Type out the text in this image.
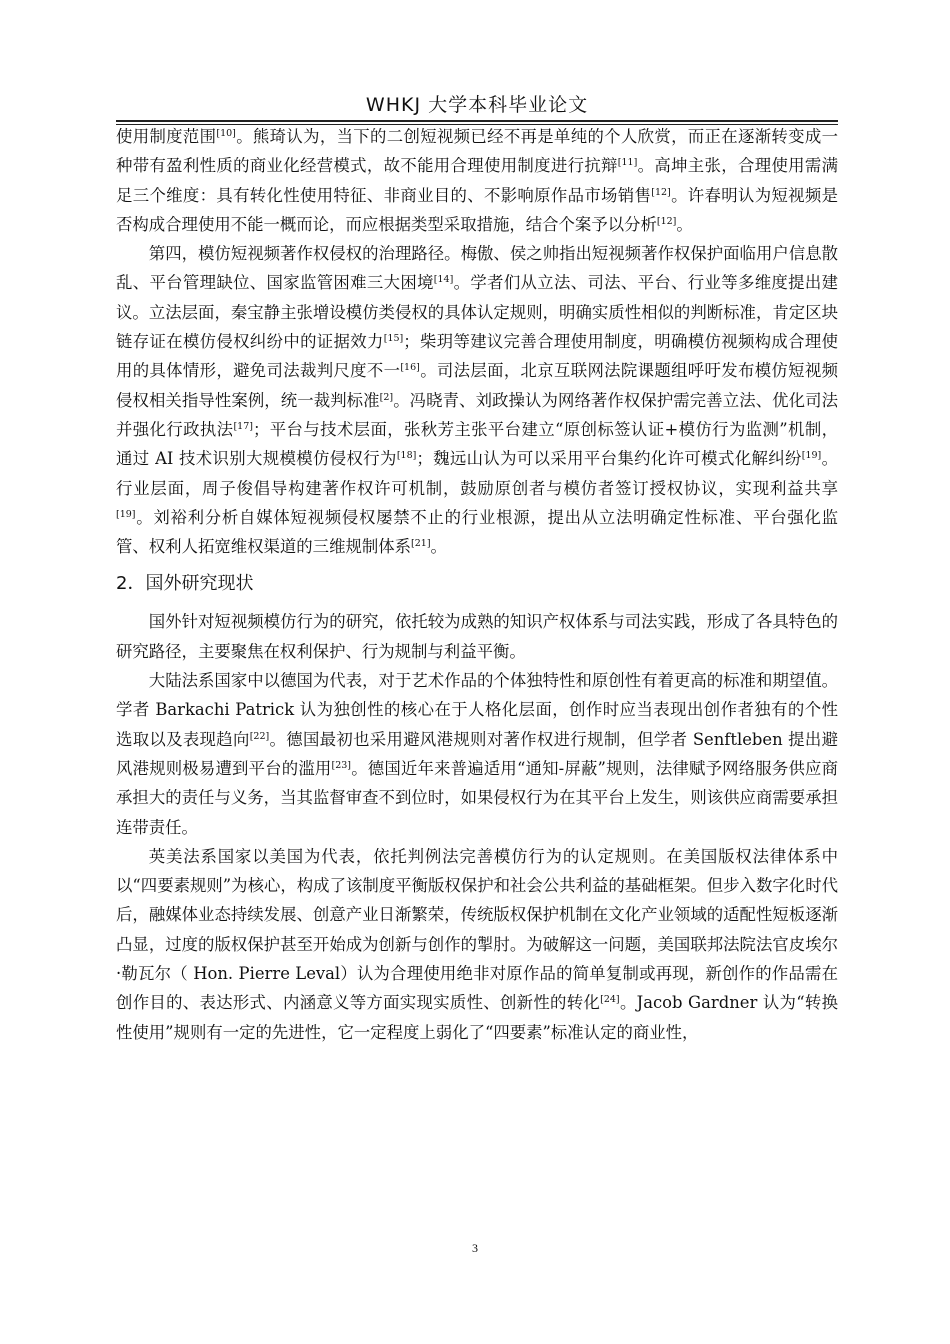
WHKJ 大学本科毕业论文

使用制度范围[10]。熊琦认为，当下的二创短视频已经不再是单纯的个人欣赏，而正在逐渐转变成一种带有盈利性质的商业化经营模式，故不能用合理使用制度进行抗辩[11]。高坤主张，合理使用需满足三个维度：具有转化性使用特征、非商业目的、不影响原作品市场销售[12]。许春明认为短视频是否构成合理使用不能一概而论，而应根据类型采取措施，结合个案予以分析[12]。

第四，模仿短视频著作权侵权的治理路径。梅傲、侯之帅指出短视频著作权保护面临用户信息散乱、平台管理缺位、国家监管困难三大困境[14]。学者们从立法、司法、平台、行业等多维度提出建议。立法层面，秦宝静主张增设模仿类侵权的具体认定规则，明确实质性相似的判断标准，肯定区块链存证在模仿侵权纠纷中的证据效力[15]；柴玥等建议完善合理使用制度，明确模仿视频构成合理使用的具体情形，避免司法裁判尺度不一[16]。司法层面，北京互联网法院课题组呼吁发布模仿短视频侵权相关指导性案例，统一裁判标准[2]。冯晓青、刘政操认为网络著作权保护需完善立法、优化司法并强化行政执法[17]；平台与技术层面，张秋芳主张平台建立“原创标签认证+模仿行为监测”机制，通过 AI 技术识别大规模模仿侵权行为[18]；魏远山认为可以采用平台集约化许可模式化解纠纷[19]。行业层面，周子俊倡导构建著作权许可机制，鼓励原创者与模仿者签订授权协议，实现利益共享[19]。刘裕利分析自媒体短视频侵权屡禁不止的行业根源，提出从立法明确定性标准、平台强化监管、权利人拓宽维权渠道的三维规制体系[21]。

2．国外研究现状

国外针对短视频模仿行为的研究，依托较为成熟的知识产权体系与司法实践，形成了各具特色的研究路径，主要聚焦在权利保护、行为规制与利益平衡。

大陆法系国家中以德国为代表，对于艺术作品的个体独特性和原创性有着更高的标准和期望值。学者 Barkachi Patrick 认为独创性的核心在于人格化层面，创作时应当表现出创作者独有的个性选取以及表现趋向[22]。德国最初也采用避风港规则对著作权进行规制，但学者 Senftleben 提出避风港规则极易遭到平台的滥用[23]。德国近年来普遍适用“通知-屏蔽”规则，法律赋予网络服务供应商承担大的责任与义务，当其监督审查不到位时，如果侵权行为在其平台上发生，则该供应商需要承担连带责任。

英美法系国家以美国为代表，依托判例法完善模仿行为的认定规则。在美国版权法律体系中以“四要素规则”为核心，构成了该制度平衡版权保护和社会公共利益的基础框架。但步入数字化时代后，融媒体业态持续发展、创意产业日渐繁荣，传统版权保护机制在文化产业领域的适配性短板逐渐凸显，过度的版权保护甚至开始成为创新与创作的掣肘。为破解这一问题，美国联邦法院法官皮埃尔·勒瓦尔（ Hon. Pierre Leval）认为合理使用绝非对原作品的简单复制或再现，新创作的作品需在创作目的、表达形式、内涵意义等方面实现实质性、创新性的转化[24]。Jacob Gardner 认为“转换性使用”规则有一定的先进性，它一定程度上弱化了“四要素”标准认定的商业性，

3
